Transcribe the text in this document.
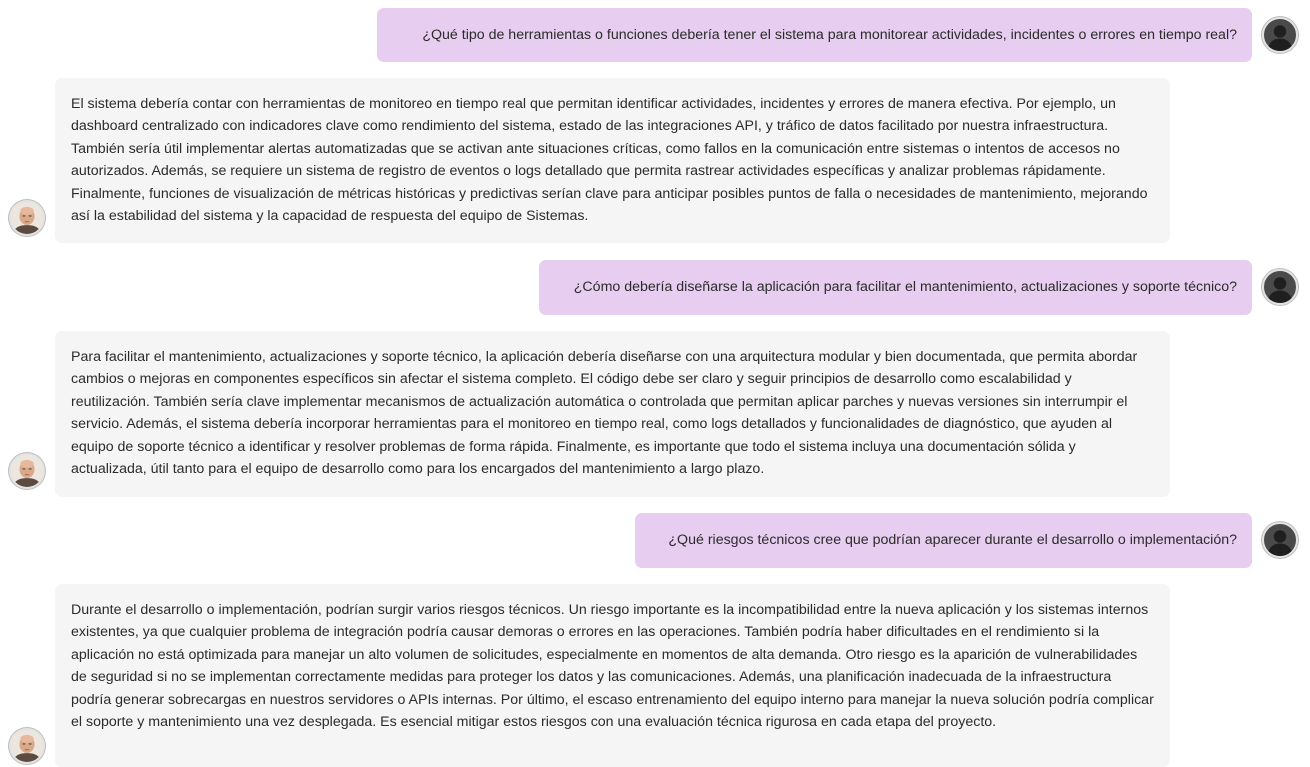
¿Qué tipo de herramientas o funciones debería tener el sistema para monitorear actividades, incidentes o errores en tiempo real?
El sistema debería contar con herramientas de monitoreo en tiempo real que permitan identificar actividades, incidentes y errores de manera efectiva. Por ejemplo, un dashboard centralizado con indicadores clave como rendimiento del sistema, estado de las integraciones API, y tráfico de datos facilitado por nuestra infraestructura. También sería útil implementar alertas automatizadas que se activan ante situaciones críticas, como fallos en la comunicación entre sistemas o intentos de accesos no autorizados. Además, se requiere un sistema de registro de eventos o logs detallado que permita rastrear actividades específicas y analizar problemas rápidamente. Finalmente, funciones de visualización de métricas históricas y predictivas serían clave para anticipar posibles puntos de falla o necesidades de mantenimiento, mejorando así la estabilidad del sistema y la capacidad de respuesta del equipo de Sistemas.
¿Cómo debería diseñarse la aplicación para facilitar el mantenimiento, actualizaciones y soporte técnico?
Para facilitar el mantenimiento, actualizaciones y soporte técnico, la aplicación debería diseñarse con una arquitectura modular y bien documentada, que permita abordar cambios o mejoras en componentes específicos sin afectar el sistema completo. El código debe ser claro y seguir principios de desarrollo como escalabilidad y reutilización. También sería clave implementar mecanismos de actualización automática o controlada que permitan aplicar parches y nuevas versiones sin interrumpir el servicio. Además, el sistema debería incorporar herramientas para el monitoreo en tiempo real, como logs detallados y funcionalidades de diagnóstico, que ayuden al equipo de soporte técnico a identificar y resolver problemas de forma rápida. Finalmente, es importante que todo el sistema incluya una documentación sólida y actualizada, útil tanto para el equipo de desarrollo como para los encargados del mantenimiento a largo plazo.
¿Qué riesgos técnicos cree que podrían aparecer durante el desarrollo o implementación?
Durante el desarrollo o implementación, podrían surgir varios riesgos técnicos. Un riesgo importante es la incompatibilidad entre la nueva aplicación y los sistemas internos existentes, ya que cualquier problema de integración podría causar demoras o errores en las operaciones. También podría haber dificultades en el rendimiento si la aplicación no está optimizada para manejar un alto volumen de solicitudes, especialmente en momentos de alta demanda. Otro riesgo es la aparición de vulnerabilidades de seguridad si no se implementan correctamente medidas para proteger los datos y las comunicaciones. Además, una planificación inadecuada de la infraestructura podría generar sobrecargas en nuestros servidores o APIs internas. Por último, el escaso entrenamiento del equipo interno para manejar la nueva solución podría complicar el soporte y mantenimiento una vez desplegada. Es esencial mitigar estos riesgos con una evaluación técnica rigurosa en cada etapa del proyecto.
